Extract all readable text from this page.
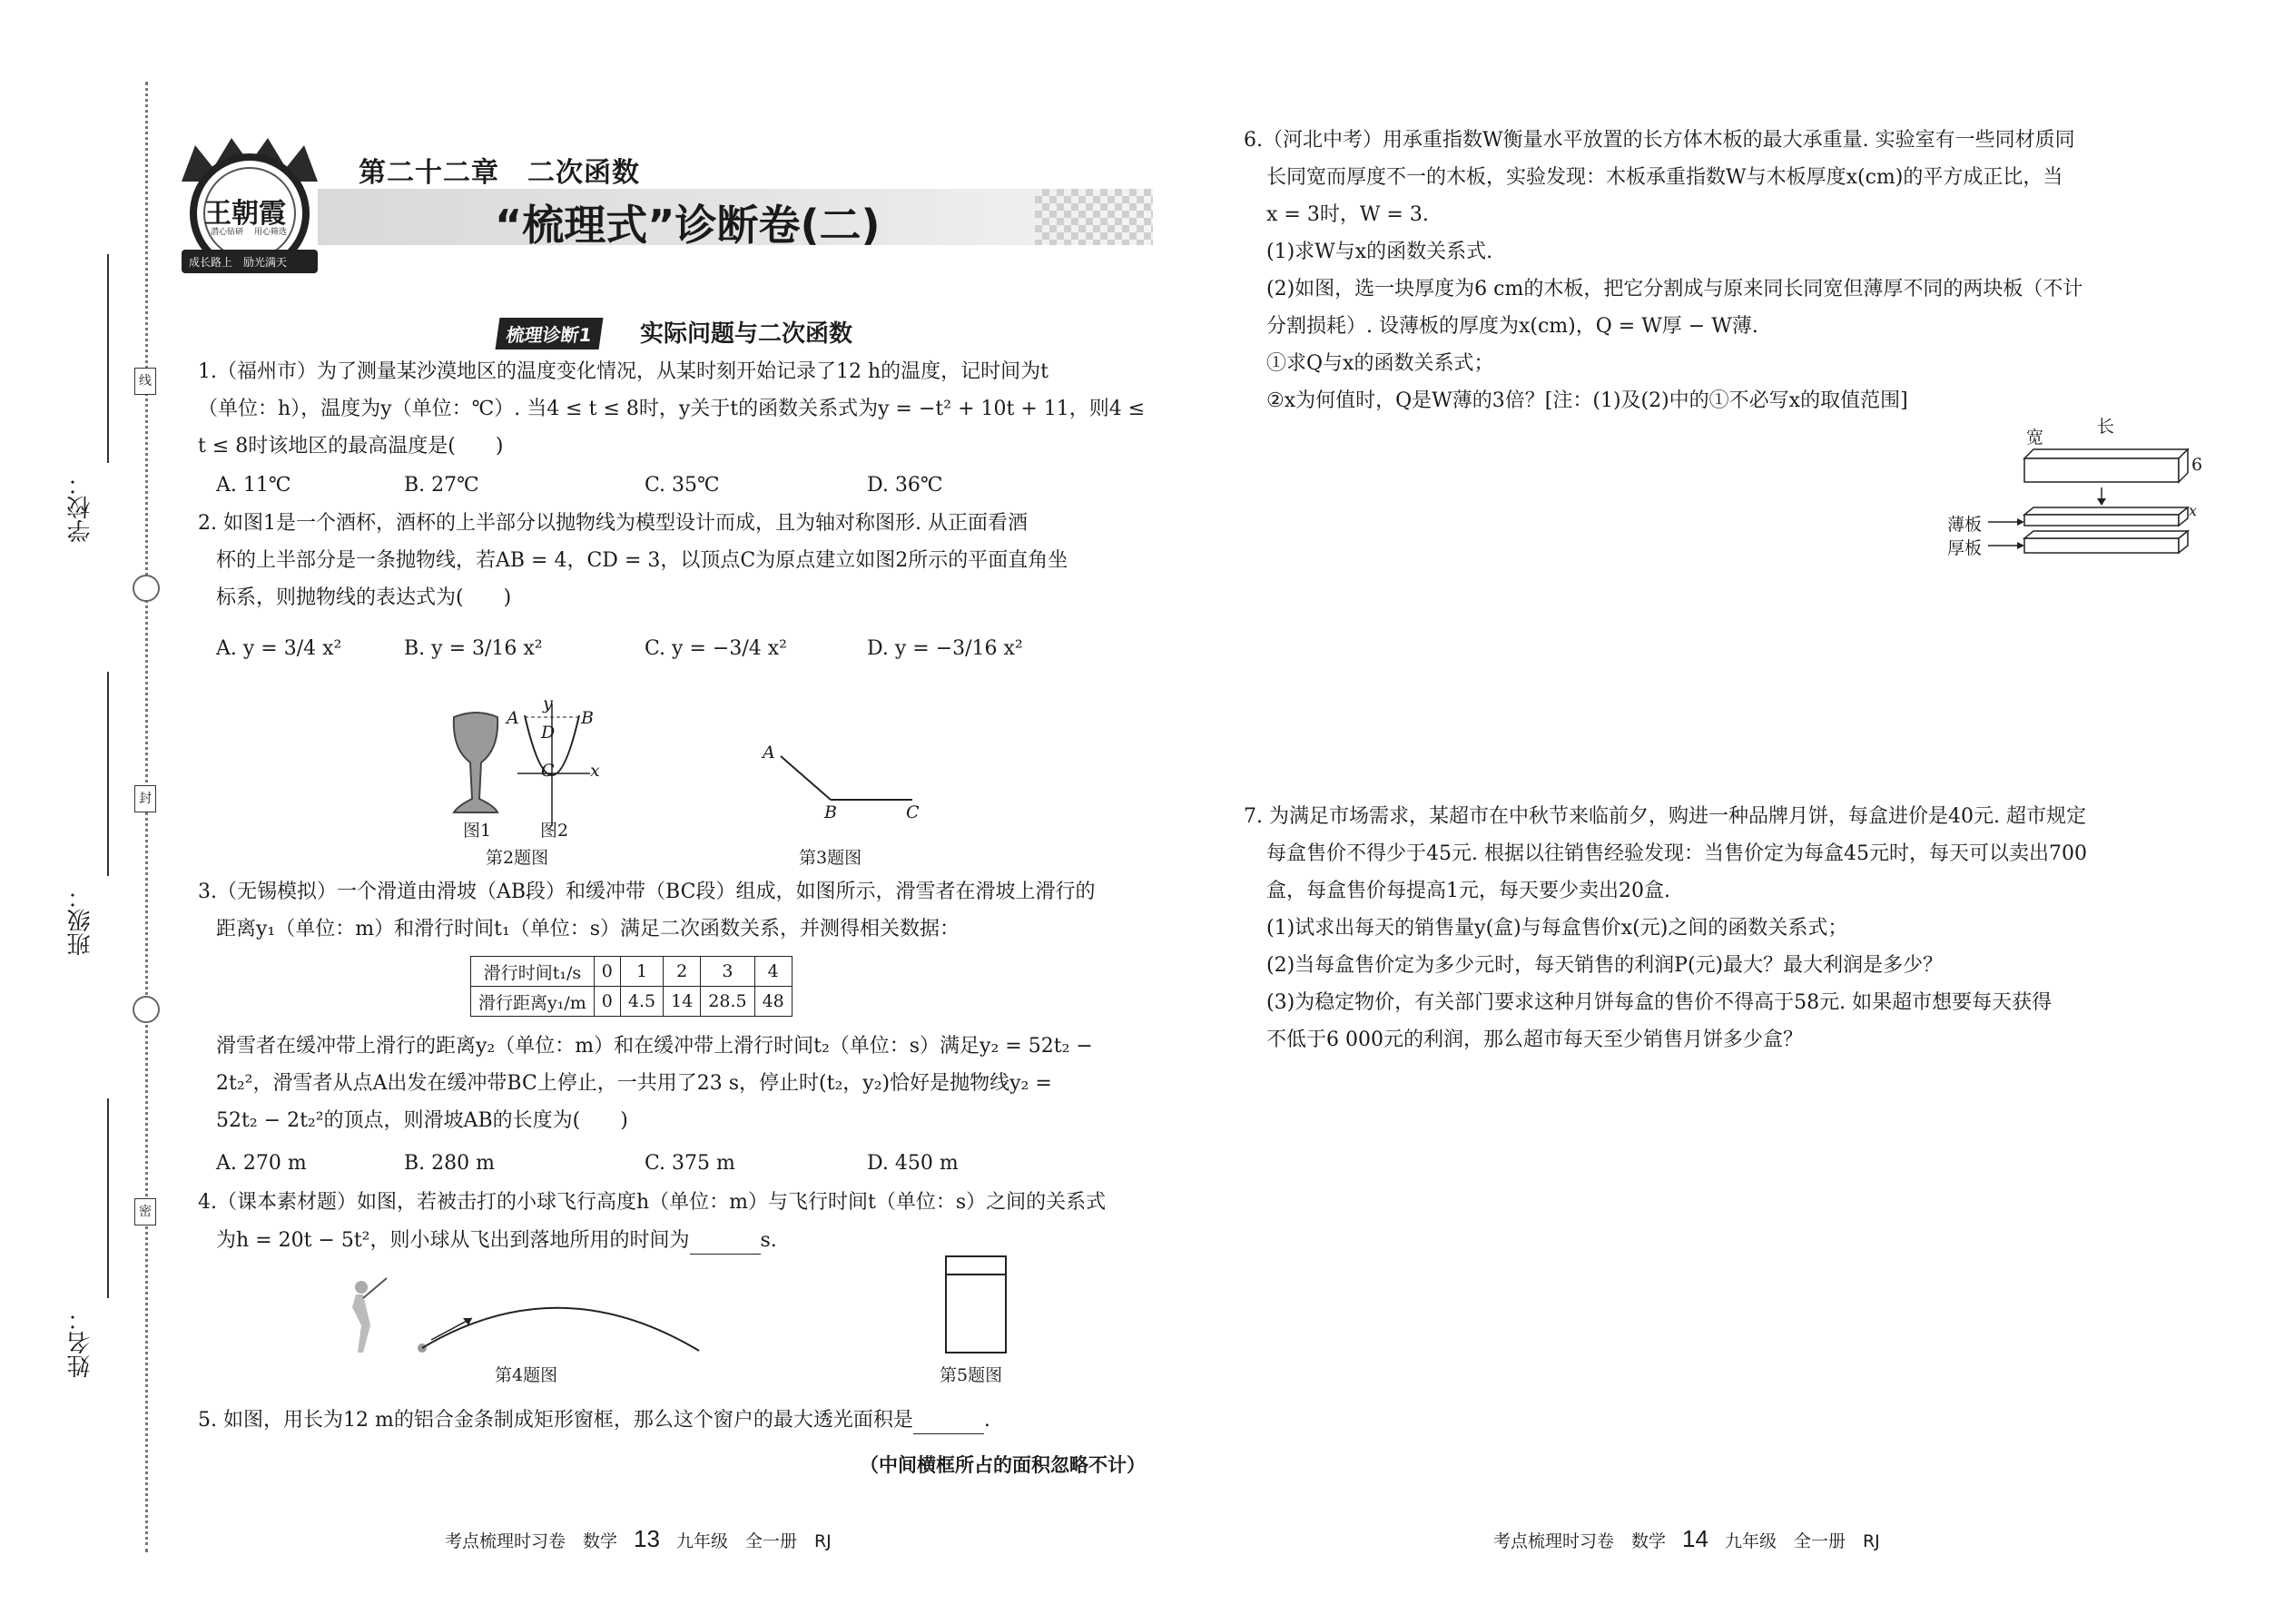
学校：
班级：
姓名：
线
封
密
王朝霞
潜心钻研 用心筛选
成长路上　励光满天
第二十二章　二次函数
“梳理式”诊断卷(二)
梳理诊断1	实际问题与二次函数
1.（福州市）为了测量某沙漠地区的温度变化情况，从某时刻开始记录了12 h的温度，记时间为t
（单位：h），温度为y（单位：℃）. 当4 ≤ t ≤ 8时，y关于t的函数关系式为y = −t² + 10t + 11，则4 ≤
t ≤ 8时该地区的最高温度是(　　)
A. 11℃	B. 27℃	C. 35℃	D. 36℃
2. 如图1是一个酒杯，酒杯的上半部分以抛物线为模型设计而成，且为轴对称图形. 从正面看酒
杯的上半部分是一条抛物线，若AB = 4，CD = 3，以顶点C为原点建立如图2所示的平面直角坐
标系，则抛物线的表达式为(　　)
A. y = 3/4 x²	B. y = 3/16 x²	C. y = −3/4 x²	D. y = −3/16 x²
A	B
D
C
y
x
图1	图2
第2题图
A
B	C
第3题图
3.（无锡模拟）一个滑道由滑坡（AB段）和缓冲带（BC段）组成，如图所示，滑雪者在滑坡上滑行的
距离y₁（单位：m）和滑行时间t₁（单位：s）满足二次函数关系，并测得相关数据：
滑行时间t₁/s	0	1	2	3	4
滑行距离y₁/m	0	4.5	14	28.5	48
滑雪者在缓冲带上滑行的距离y₂（单位：m）和在缓冲带上滑行时间t₂（单位：s）满足y₂ = 52t₂ −
2t₂²，滑雪者从点A出发在缓冲带BC上停止，一共用了23 s，停止时(t₂，y₂)恰好是抛物线y₂ =
52t₂ − 2t₂²的顶点，则滑坡AB的长度为(　　)
A. 270 m	B. 280 m	C. 375 m	D. 450 m
4.（课本素材题）如图，若被击打的小球飞行高度h（单位：m）与飞行时间t（单位：s）之间的关系式
为h = 20t − 5t²，则小球从飞出到落地所用的时间为	s.
第4题图	第5题图
5. 如图，用长为12 m的铝合金条制成矩形窗框，那么这个窗户的最大透光面积是	.
（中间横框所占的面积忽略不计）
考点梳理时习卷　数学 13 九年级　全一册　RJ
6.（河北中考）用承重指数W衡量水平放置的长方体木板的最大承重量. 实验室有一些同材质同
长同宽而厚度不一的木板，实验发现：木板承重指数W与木板厚度x(cm)的平方成正比，当
x = 3时，W = 3.
(1)求W与x的函数关系式.
(2)如图，选一块厚度为6 cm的木板，把它分割成与原来同长同宽但薄厚不同的两块板（不计
分割损耗）. 设薄板的厚度为x(cm)，Q = W厚 − W薄.
①求Q与x的函数关系式；
②x为何值时，Q是W薄的3倍？[注：(1)及(2)中的①不必写x的取值范围]
宽
长
6
x
薄板
厚板
7. 为满足市场需求，某超市在中秋节来临前夕，购进一种品牌月饼，每盒进价是40元. 超市规定
每盒售价不得少于45元. 根据以往销售经验发现：当售价定为每盒45元时，每天可以卖出700
盒，每盒售价每提高1元，每天要少卖出20盒.
(1)试求出每天的销售量y(盒)与每盒售价x(元)之间的函数关系式；
(2)当每盒售价定为多少元时，每天销售的利润P(元)最大？最大利润是多少？
(3)为稳定物价，有关部门要求这种月饼每盒的售价不得高于58元. 如果超市想要每天获得
不低于6 000元的利润，那么超市每天至少销售月饼多少盒？
考点梳理时习卷　数学 14 九年级　全一册　RJ
